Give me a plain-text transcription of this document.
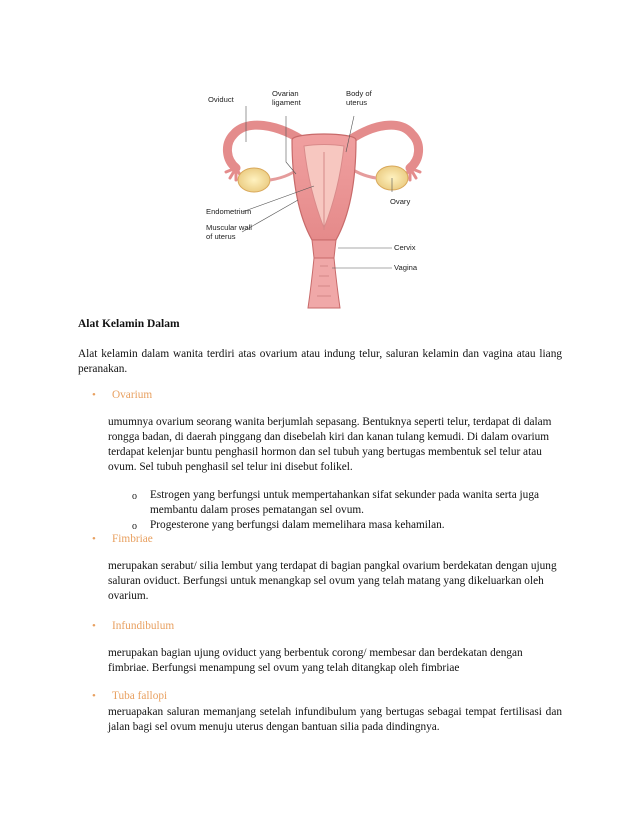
Oviduct
Ovarian
ligament
Body of
uterus
Ovary
Endometrium
Muscular wall
of uterus
Cervix
Vagina
Alat Kelamin Dalam
Alat kelamin dalam wanita terdiri atas ovarium atau indung telur, saluran kelamin dan vagina atau liang peranakan.
• Ovarium
umumnya ovarium seorang wanita berjumlah sepasang. Bentuknya seperti telur, terdapat di dalam rongga badan, di daerah pinggang dan disebelah kiri dan kanan tulang kemudi. Di dalam ovarium terdapat kelenjar buntu penghasil hormon dan sel tubuh yang bertugas membentuk sel telur atau ovum. Sel tubuh penghasil sel telur ini disebut folikel.
o Estrogen yang berfungsi untuk mempertahankan sifat sekunder pada wanita serta juga membantu dalam proses pematangan sel ovum.
o Progesterone yang berfungsi dalam memelihara masa kehamilan.
• Fimbriae
merupakan serabut/ silia lembut yang terdapat di bagian pangkal ovarium berdekatan dengan ujung saluran oviduct. Berfungsi untuk menangkap sel ovum yang telah matang yang dikeluarkan oleh ovarium.
• Infundibulum
merupakan bagian ujung oviduct yang berbentuk corong/ membesar dan berdekatan dengan fimbriae. Berfungsi menampung sel ovum yang telah ditangkap oleh fimbriae
• Tuba fallopi
meruapakan saluran memanjang setelah infundibulum yang bertugas sebagai tempat fertilisasi dan jalan bagi sel ovum menuju uterus dengan bantuan silia pada dindingnya.
